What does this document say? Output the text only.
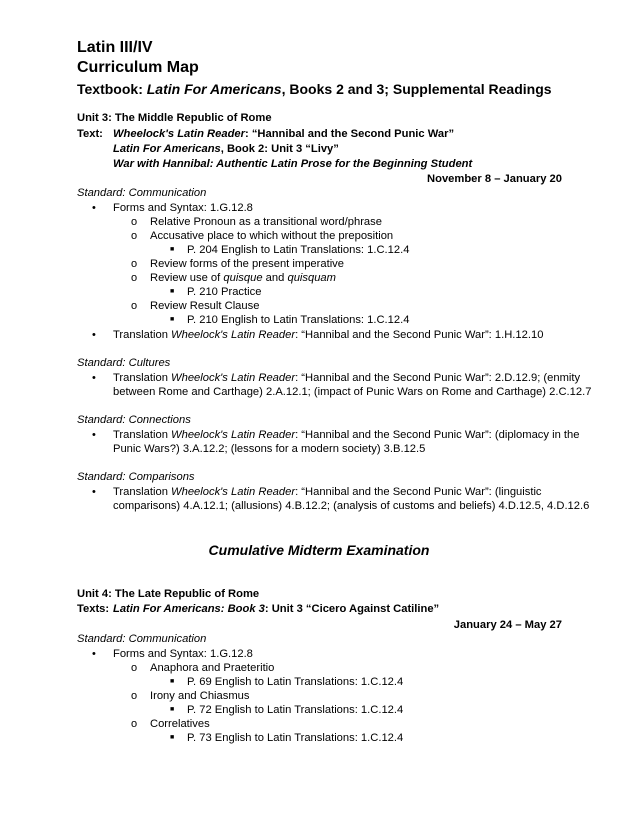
Latin III/IV
Curriculum Map
Textbook: Latin For Americans, Books 2 and 3; Supplemental Readings
Unit 3: The Middle Republic of Rome
Text: Wheelock's Latin Reader: “Hannibal and the Second Punic War”
Latin For Americans, Book 2: Unit 3 “Livy”
War with Hannibal: Authentic Latin Prose for the Beginning Student
November 8 – January 20
Standard: Communication
• Forms and Syntax: 1.G.12.8
o Relative Pronoun as a transitional word/phrase
o Accusative place to which without the preposition
■ P. 204 English to Latin Translations: 1.C.12.4
o Review forms of the present imperative
o Review use of quisque and quisquam
■ P. 210 Practice
o Review Result Clause
■ P. 210 English to Latin Translations: 1.C.12.4
• Translation Wheelock's Latin Reader: “Hannibal and the Second Punic War”: 1.H.12.10
Standard: Cultures
• Translation Wheelock's Latin Reader: “Hannibal and the Second Punic War”: 2.D.12.9; (enmity
between Rome and Carthage) 2.A.12.1; (impact of Punic Wars on Rome and Carthage) 2.C.12.7
Standard: Connections
• Translation Wheelock's Latin Reader: “Hannibal and the Second Punic War”: (diplomacy in the
Punic Wars?) 3.A.12.2; (lessons for a modern society) 3.B.12.5
Standard: Comparisons
• Translation Wheelock's Latin Reader: “Hannibal and the Second Punic War”: (linguistic
comparisons) 4.A.12.1; (allusions) 4.B.12.2; (analysis of customs and beliefs) 4.D.12.5, 4.D.12.6
Cumulative Midterm Examination
Unit 4: The Late Republic of Rome
Texts: Latin For Americans: Book 3: Unit 3 “Cicero Against Catiline”
January 24 – May 27
Standard: Communication
• Forms and Syntax: 1.G.12.8
o Anaphora and Praeteritio
■ P. 69 English to Latin Translations: 1.C.12.4
o Irony and Chiasmus
■ P. 72 English to Latin Translations: 1.C.12.4
o Correlatives
■ P. 73 English to Latin Translations: 1.C.12.4
